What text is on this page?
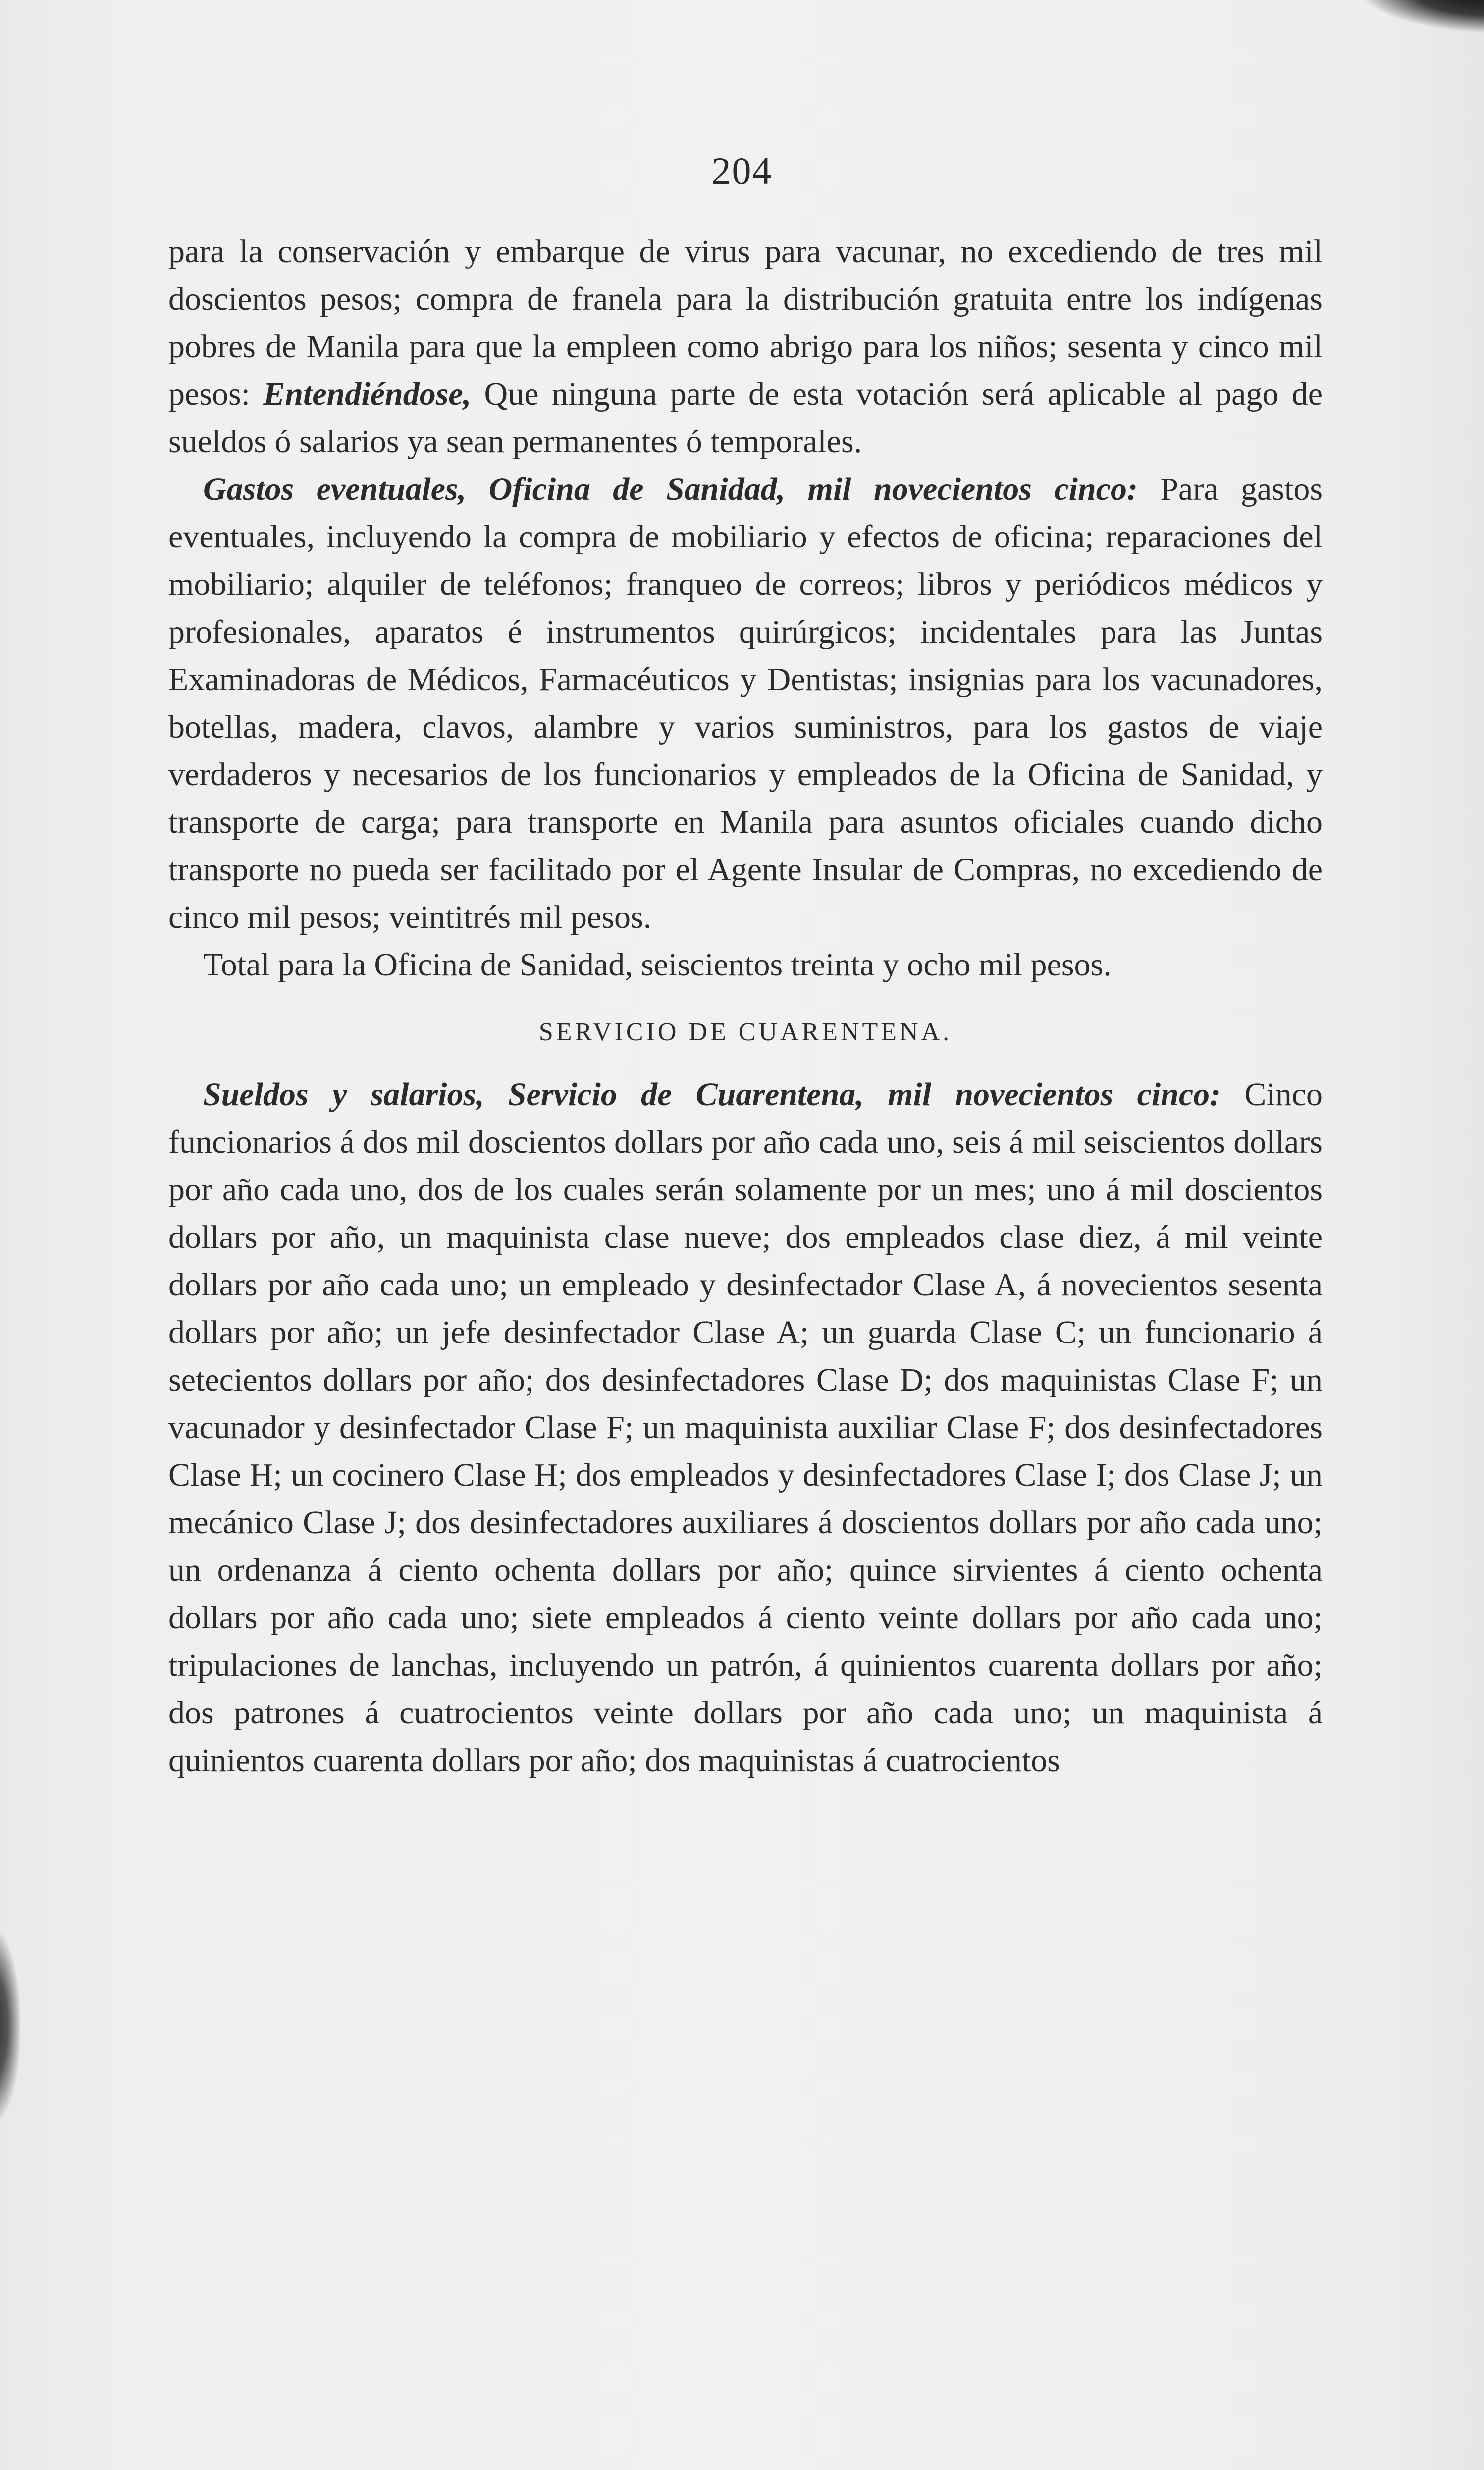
204

para la conservación y embarque de virus para vacunar, no excediendo de tres mil doscientos pesos; compra de franela para la distribución gratuita entre los indígenas pobres de Manila para que la empleen como abrigo para los niños; sesenta y cinco mil pesos: Entendiéndose, Que ninguna parte de esta votación será aplicable al pago de sueldos ó salarios ya sean permanentes ó temporales.

Gastos eventuales, Oficina de Sanidad, mil novecientos cinco: Para gastos eventuales, incluyendo la compra de mobiliario y efectos de oficina; reparaciones del mobiliario; alquiler de teléfonos; franqueo de correos; libros y periódicos médicos y profesionales, aparatos é instrumentos quirúrgicos; incidentales para las Juntas Examinadoras de Médicos, Farmacéuticos y Dentistas; insignias para los vacunadores, botellas, madera, clavos, alambre y varios suministros, para los gastos de viaje verdaderos y necesarios de los funcionarios y empleados de la Oficina de Sanidad, y transporte de carga; para transporte en Manila para asuntos oficiales cuando dicho transporte no pueda ser facilitado por el Agente Insular de Compras, no excediendo de cinco mil pesos; veintitrés mil pesos.

Total para la Oficina de Sanidad, seiscientos treinta y ocho mil pesos.

SERVICIO DE CUARENTENA.

Sueldos y salarios, Servicio de Cuarentena, mil novecientos cinco: Cinco funcionarios á dos mil doscientos dollars por año cada uno, seis á mil seiscientos dollars por año cada uno, dos de los cuales serán solamente por un mes; uno á mil doscientos dollars por año, un maquinista clase nueve; dos empleados clase diez, á mil veinte dollars por año cada uno; un empleado y desinfectador Clase A, á novecientos sesenta dollars por año; un jefe desinfectador Clase A; un guarda Clase C; un funcionario á setecientos dollars por año; dos desinfectadores Clase D; dos maquinistas Clase F; un vacunador y desinfectador Clase F; un maquinista auxiliar Clase F; dos desinfectadores Clase H; un cocinero Clase H; dos empleados y desinfectadores Clase I; dos Clase J; un mecánico Clase J; dos desinfectadores auxiliares á doscientos dollars por año cada uno; un ordenanza á ciento ochenta dollars por año; quince sirvientes á ciento ochenta dollars por año cada uno; siete empleados á ciento veinte dollars por año cada uno; tripulaciones de lanchas, incluyendo un patrón, á quinientos cuarenta dollars por año; dos patrones á cuatrocientos veinte dollars por año cada uno; un maquinista á quinientos cuarenta dollars por año; dos maquinistas á cuatrocientos
